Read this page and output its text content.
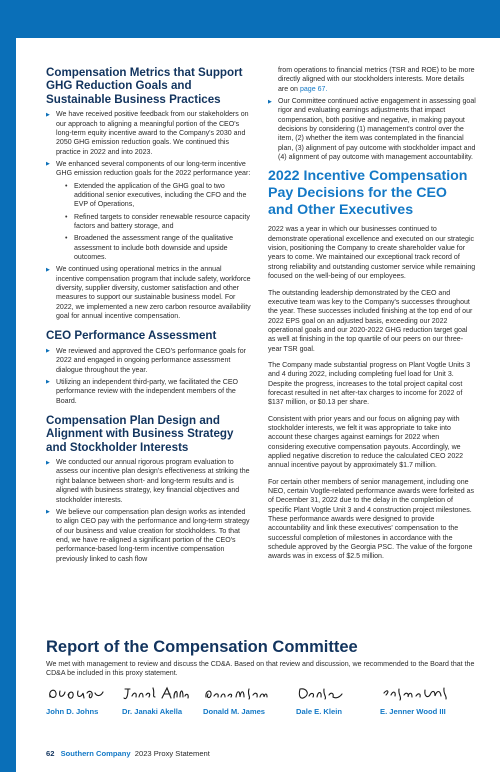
Compensation Metrics that Support GHG Reduction Goals and Sustainable Business Practices
▶ We have received positive feedback from our stakeholders on our approach to aligning a meaningful portion of the CEO's long-term equity incentive award to the Company's 2030 and 2050 GHG emission reduction goals. We continued this practice in 2022 and into 2023.
▶ We enhanced several components of our long-term incentive GHG emission reduction goals for the 2022 performance year:
• Extended the application of the GHG goal to two additional senior executives, including the CFO and the EVP of Operations,
• Refined targets to consider renewable resource capacity factors and battery storage, and
• Broadened the assessment range of the qualitative assessment to include both downside and upside outcomes.
▶ We continued using operational metrics in the annual incentive compensation program that include safety, workforce diversity, supplier diversity, customer satisfaction and other measures to support our sustainable business model. For 2022, we implemented a new zero carbon resource availability goal for annual incentive compensation.
CEO Performance Assessment
▶ We reviewed and approved the CEO's performance goals for 2022 and engaged in ongoing performance assessment dialogue throughout the year.
▶ Utilizing an independent third-party, we facilitated the CEO performance review with the independent members of the Board.
Compensation Plan Design and Alignment with Business Strategy and Stockholder Interests
▶ We conducted our annual rigorous program evaluation to assess our incentive plan design's effectiveness at striking the right balance between short- and long-term results and is aligned with business strategy, key financial objectives and stockholder interests.
▶ We believe our compensation plan design works as intended to align CEO pay with the performance and long-term strategy of our business and value creation for stockholders. To that end, we have re-aligned a significant portion of the CEO's performance-based long-term incentive compensation previously linked to cash flow

from operations to financial metrics (TSR and ROE) to be more directly aligned with our stockholders interests. More details are on page 67.

▶ Our Committee continued active engagement in assessing goal rigor and evaluating earnings adjustments that impact compensation, both positive and negative, in making payout decisions by considering (1) management's control over the item, (2) whether the item was contemplated in the financial plan, (3) alignment of pay outcome with stockholder impact and (4) alignment of pay outcome with management accountability.
2022 Incentive Compensation Pay Decisions for the CEO and Other Executives

2022 was a year in which our businesses continued to demonstrate operational excellence and executed on our strategic vision, positioning the Company to create shareholder value for years to come. We maintained our exceptional track record of strong reliability and outstanding customer service while remaining focused on the well-being of our employees.

The outstanding leadership demonstrated by the CEO and executive team was key to the Company's successes throughout the year. These successes included finishing at the top end of our 2022 EPS goal on an adjusted basis, exceeding our 2022 operational goals and our 2020-2022 GHG reduction target goal as well at finishing in the top quartile of our peers on our three-year TSR goal.

The Company made substantial progress on Plant Vogtle Units 3 and 4 during 2022, including completing fuel load for Unit 3. Despite the progress, increases to the total project capital cost forecast resulted in net after-tax charges to income for 2022 of $137 million, or $0.13 per share.

Consistent with prior years and our focus on aligning pay with stockholder interests, we felt it was appropriate to take into account these charges against earnings for 2022 when considering executive compensation payouts. Accordingly, we applied negative discretion to reduce the calculated CEO 2022 annual incentive payout by approximately $1.7 million.

For certain other members of senior management, including one NEO, certain Vogtle-related performance awards were forfeited as of December 31, 2022 due to the delay in the completion of specific Plant Vogtle Unit 3 and 4 construction project milestones. These performance awards were designed to provide accountability and link these executives' compensation to the successful completion of milestones in accordance with the schedule approved by the Georgia PSC. The value of the forgone awards was in excess of $2.5 million.

Report of the Compensation Committee

We met with management to review and discuss the CD&A. Based on that review and discussion, we recommended to the Board that the CD&A be included in this proxy statement.

John D. Johns	Dr. Janaki Akella	Donald M. James	Dale E. Klein	E. Jenner Wood III
62 Southern Company 2023 Proxy Statement
